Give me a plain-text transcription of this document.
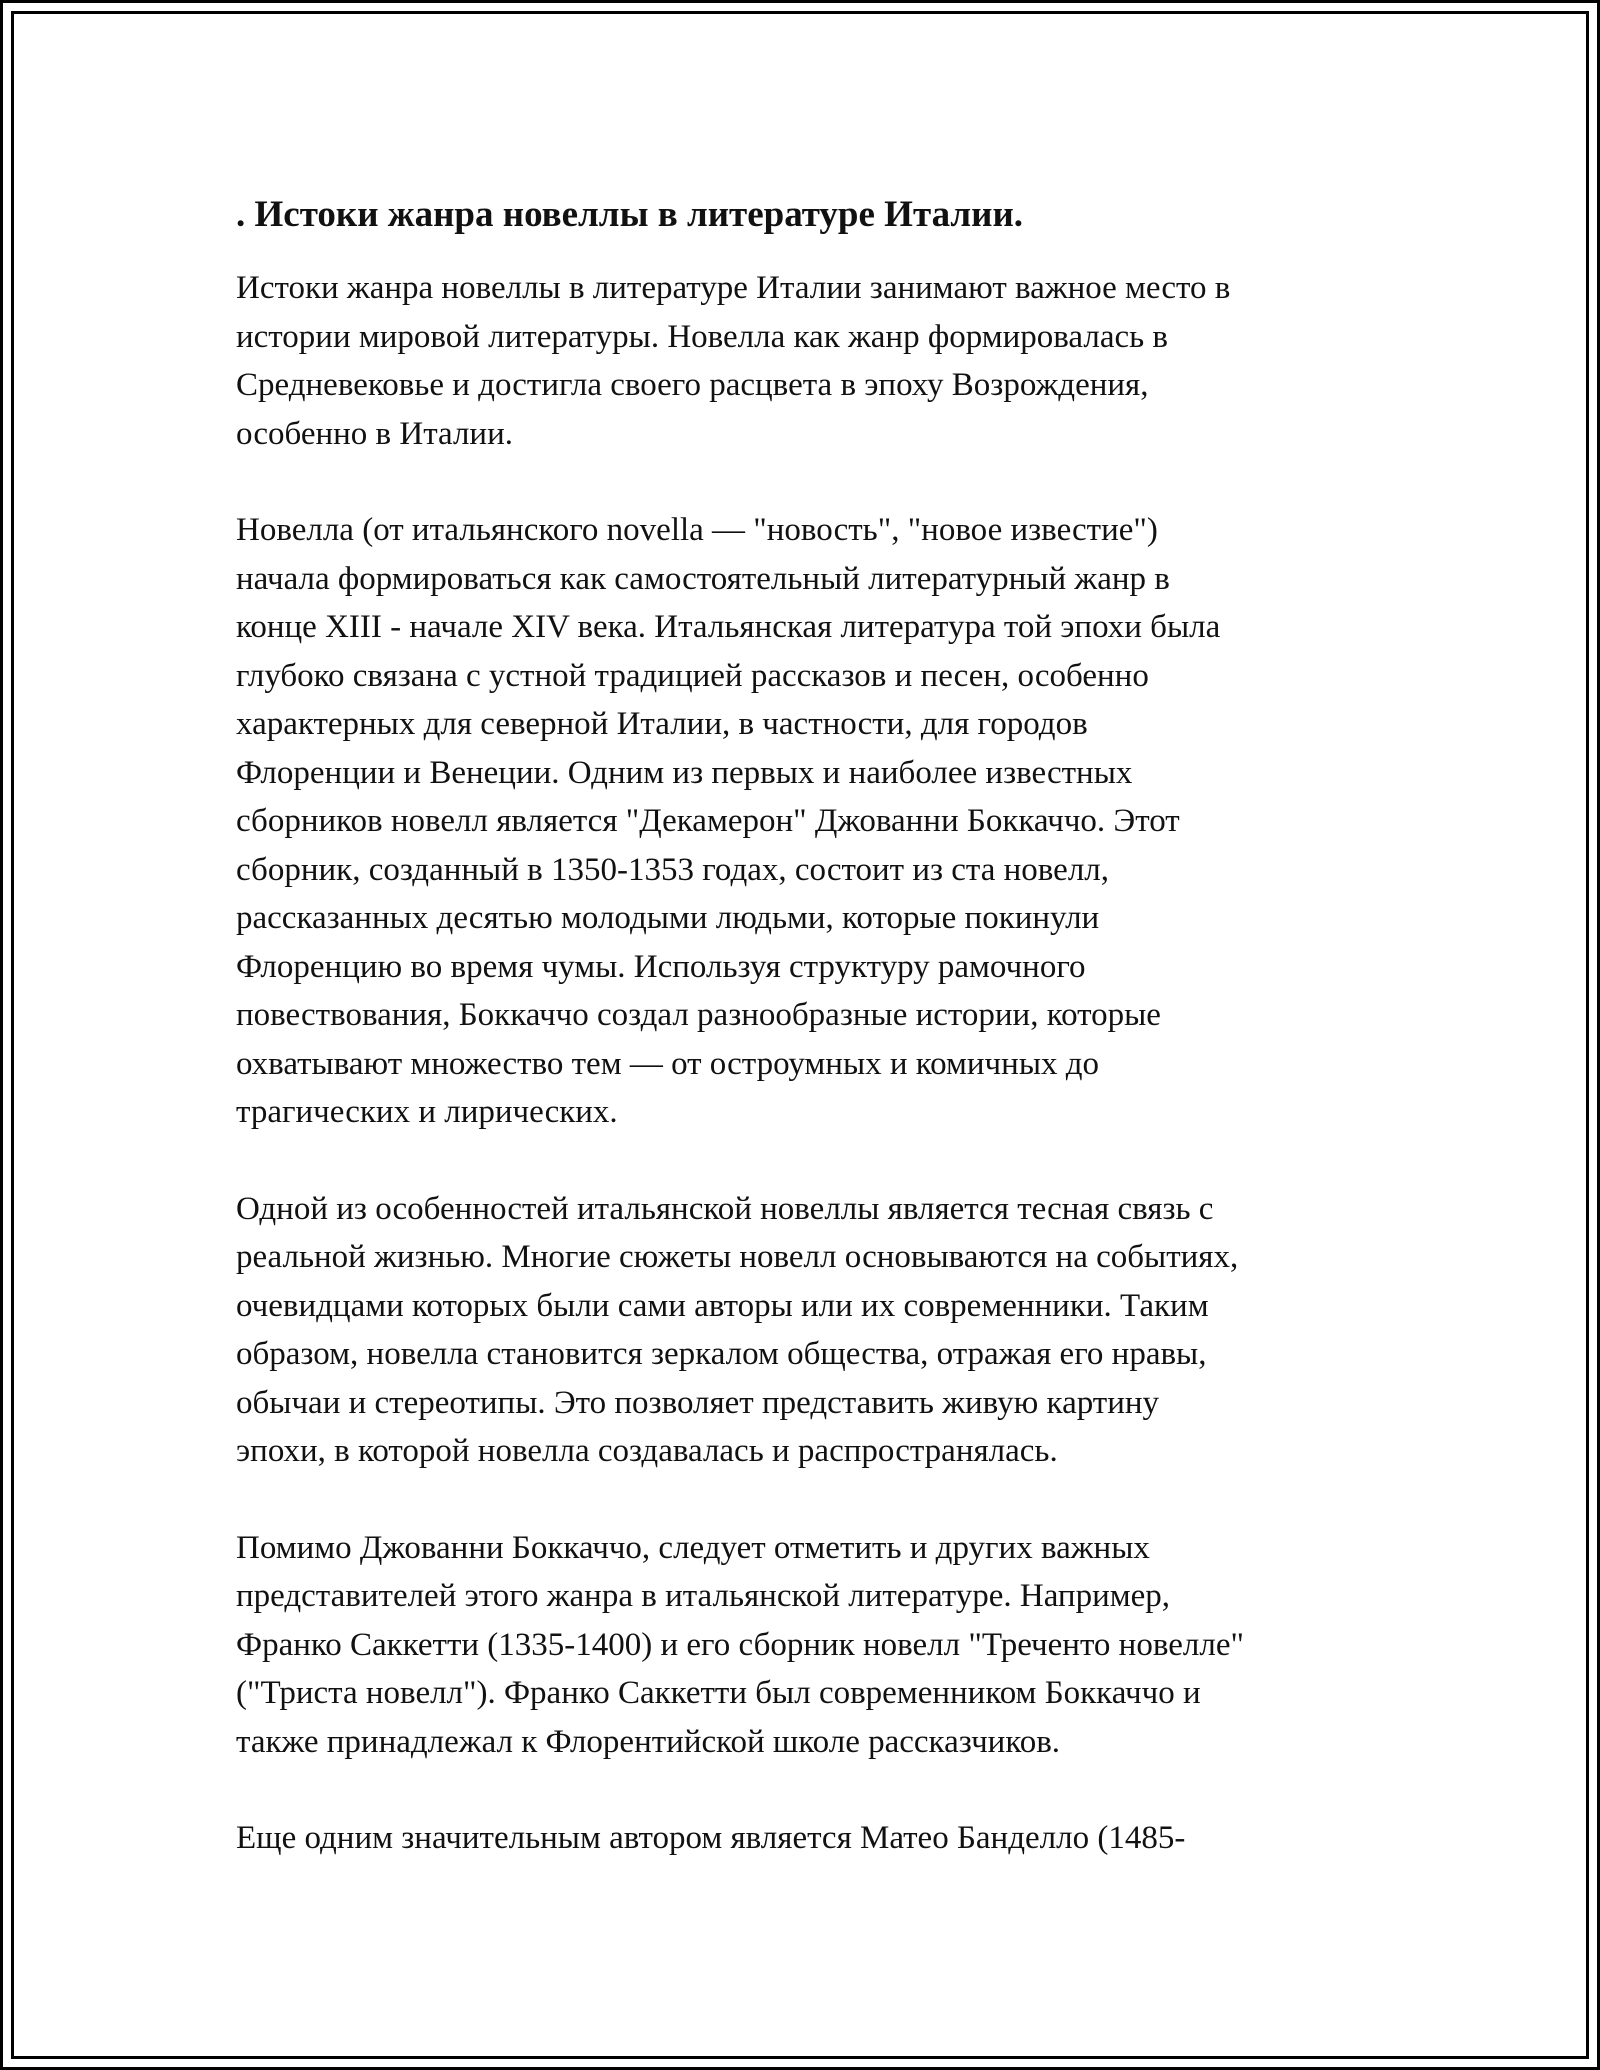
. Истоки жанра новеллы в литературе Италии.

Истоки жанра новеллы в литературе Италии занимают важное место в
истории мировой литературы. Новелла как жанр формировалась в
Средневековье и достигла своего расцвета в эпоху Возрождения,
особенно в Италии.

Новелла (от итальянского novella — "новость", "новое известие")
начала формироваться как самостоятельный литературный жанр в
конце XIII - начале XIV века. Итальянская литература той эпохи была
глубоко связана с устной традицией рассказов и песен, особенно
характерных для северной Италии, в частности, для городов
Флоренции и Венеции. Одним из первых и наиболее известных
сборников новелл является "Декамерон" Джованни Боккаччо. Этот
сборник, созданный в 1350-1353 годах, состоит из ста новелл,
рассказанных десятью молодыми людьми, которые покинули
Флоренцию во время чумы. Используя структуру рамочного
повествования, Боккаччо создал разнообразные истории, которые
охватывают множество тем — от остроумных и комичных до
трагических и лирических.

Одной из особенностей итальянской новеллы является тесная связь с
реальной жизнью. Многие сюжеты новелл основываются на событиях,
очевидцами которых были сами авторы или их современники. Таким
образом, новелла становится зеркалом общества, отражая его нравы,
обычаи и стереотипы. Это позволяет представить живую картину
эпохи, в которой новелла создавалась и распространялась.

Помимо Джованни Боккаччо, следует отметить и других важных
представителей этого жанра в итальянской литературе. Например,
Франко Саккетти (1335-1400) и его сборник новелл "Треченто новелле"
("Триста новелл"). Франко Саккетти был современником Боккаччо и
также принадлежал к Флорентийской школе рассказчиков.

Еще одним значительным автором является Матео Банделло (1485-
